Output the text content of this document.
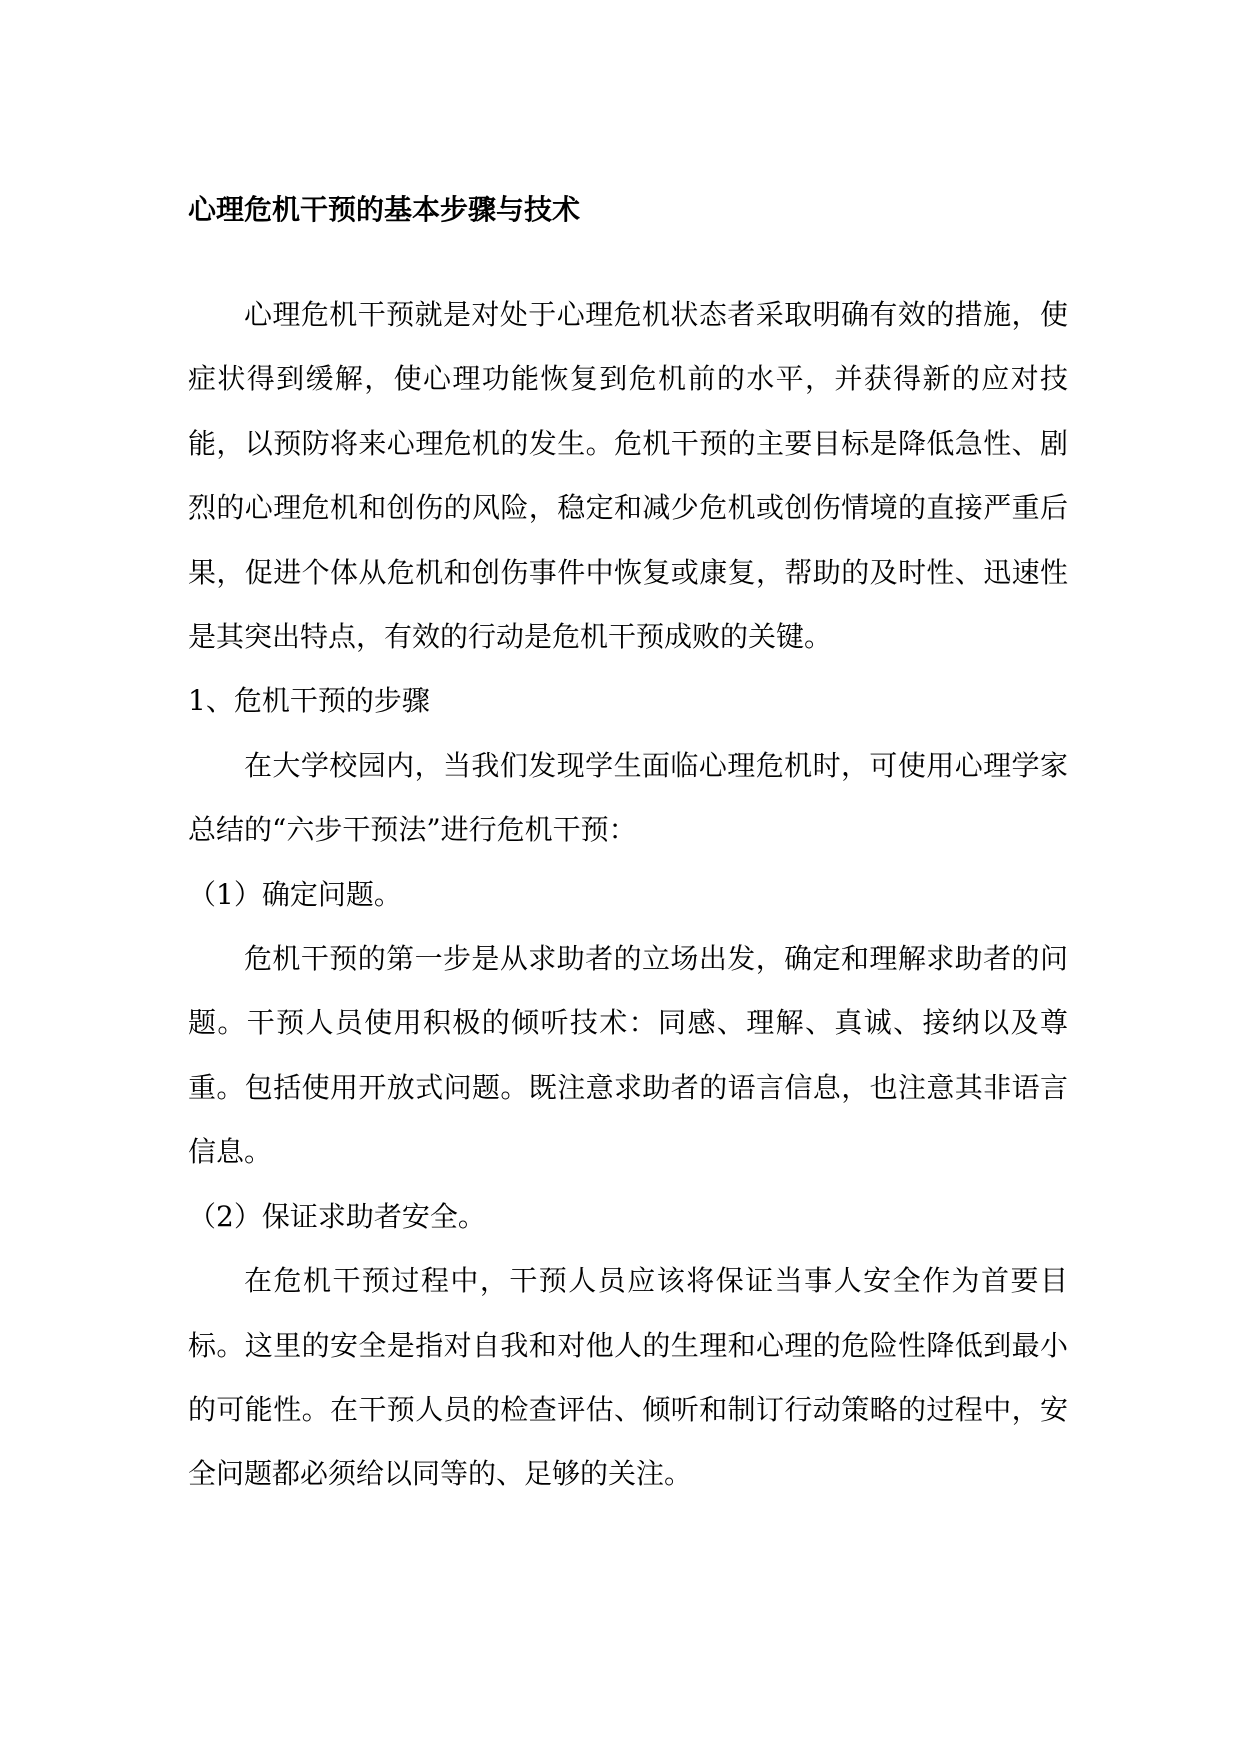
心理危机干预的基本步骤与技术

心理危机干预就是对处于心理危机状态者采取明确有效的措施，使症状得到缓解，使心理功能恢复到危机前的水平，并获得新的应对技能，以预防将来心理危机的发生。危机干预的主要目标是降低急性、剧烈的心理危机和创伤的风险，稳定和减少危机或创伤情境的直接严重后果，促进个体从危机和创伤事件中恢复或康复，帮助的及时性、迅速性是其突出特点，有效的行动是危机干预成败的关键。

1、危机干预的步骤

在大学校园内，当我们发现学生面临心理危机时，可使用心理学家总结的“六步干预法”进行危机干预：

（1）确定问题。

危机干预的第一步是从求助者的立场出发，确定和理解求助者的问题。干预人员使用积极的倾听技术：同感、理解、真诚、接纳以及尊重。包括使用开放式问题。既注意求助者的语言信息，也注意其非语言信息。

（2）保证求助者安全。

在危机干预过程中，干预人员应该将保证当事人安全作为首要目标。这里的安全是指对自我和对他人的生理和心理的危险性降低到最小的可能性。在干预人员的检查评估、倾听和制订行动策略的过程中，安全问题都必须给以同等的、足够的关注。
